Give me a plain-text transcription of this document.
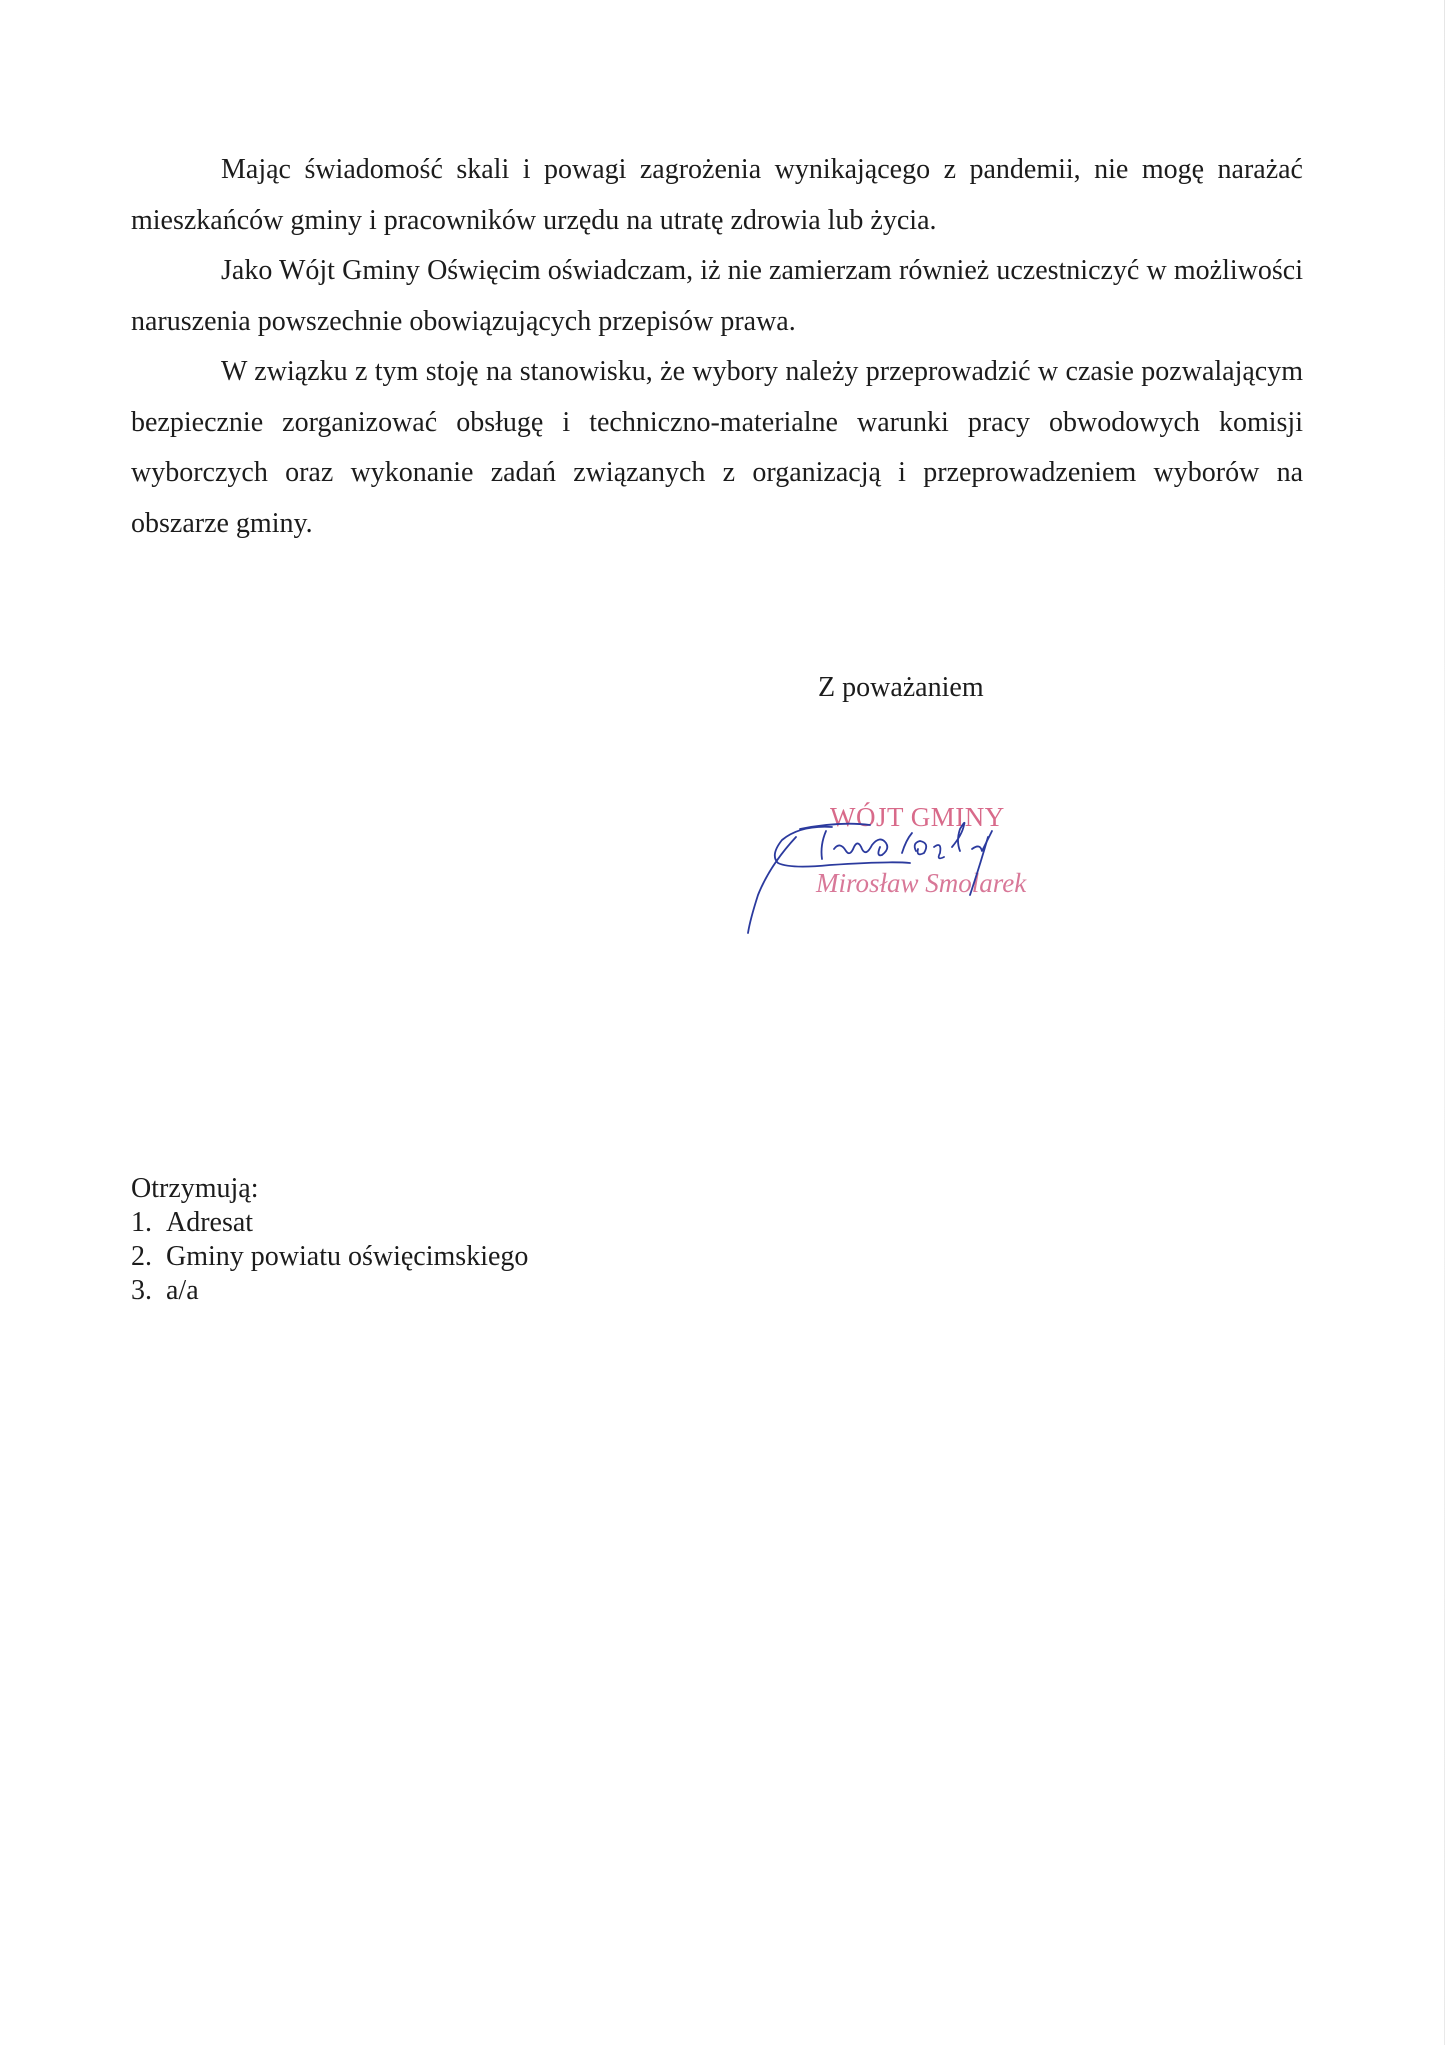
Mając świadomość skali i powagi zagrożenia wynikającego z pandemii, nie mogę narażać mieszkańców gminy i pracowników urzędu na utratę zdrowia lub życia.

Jako Wójt Gminy Oświęcim oświadczam, iż nie zamierzam również uczestniczyć w możliwości naruszenia powszechnie obowiązujących przepisów prawa.

W związku z tym stoję na stanowisku, że wybory należy przeprowadzić w czasie pozwalającym bezpiecznie zorganizować obsługę i techniczno-materialne warunki pracy obwodowych komisji wyborczych oraz wykonanie zadań związanych z organizacją i przeprowadzeniem wyborów na obszarze gminy.

Z poważaniem
WÓJT GMINY
Mirosław Smolarek
Otrzymują:
1. Adresat
2. Gminy powiatu oświęcimskiego
3. a/a
